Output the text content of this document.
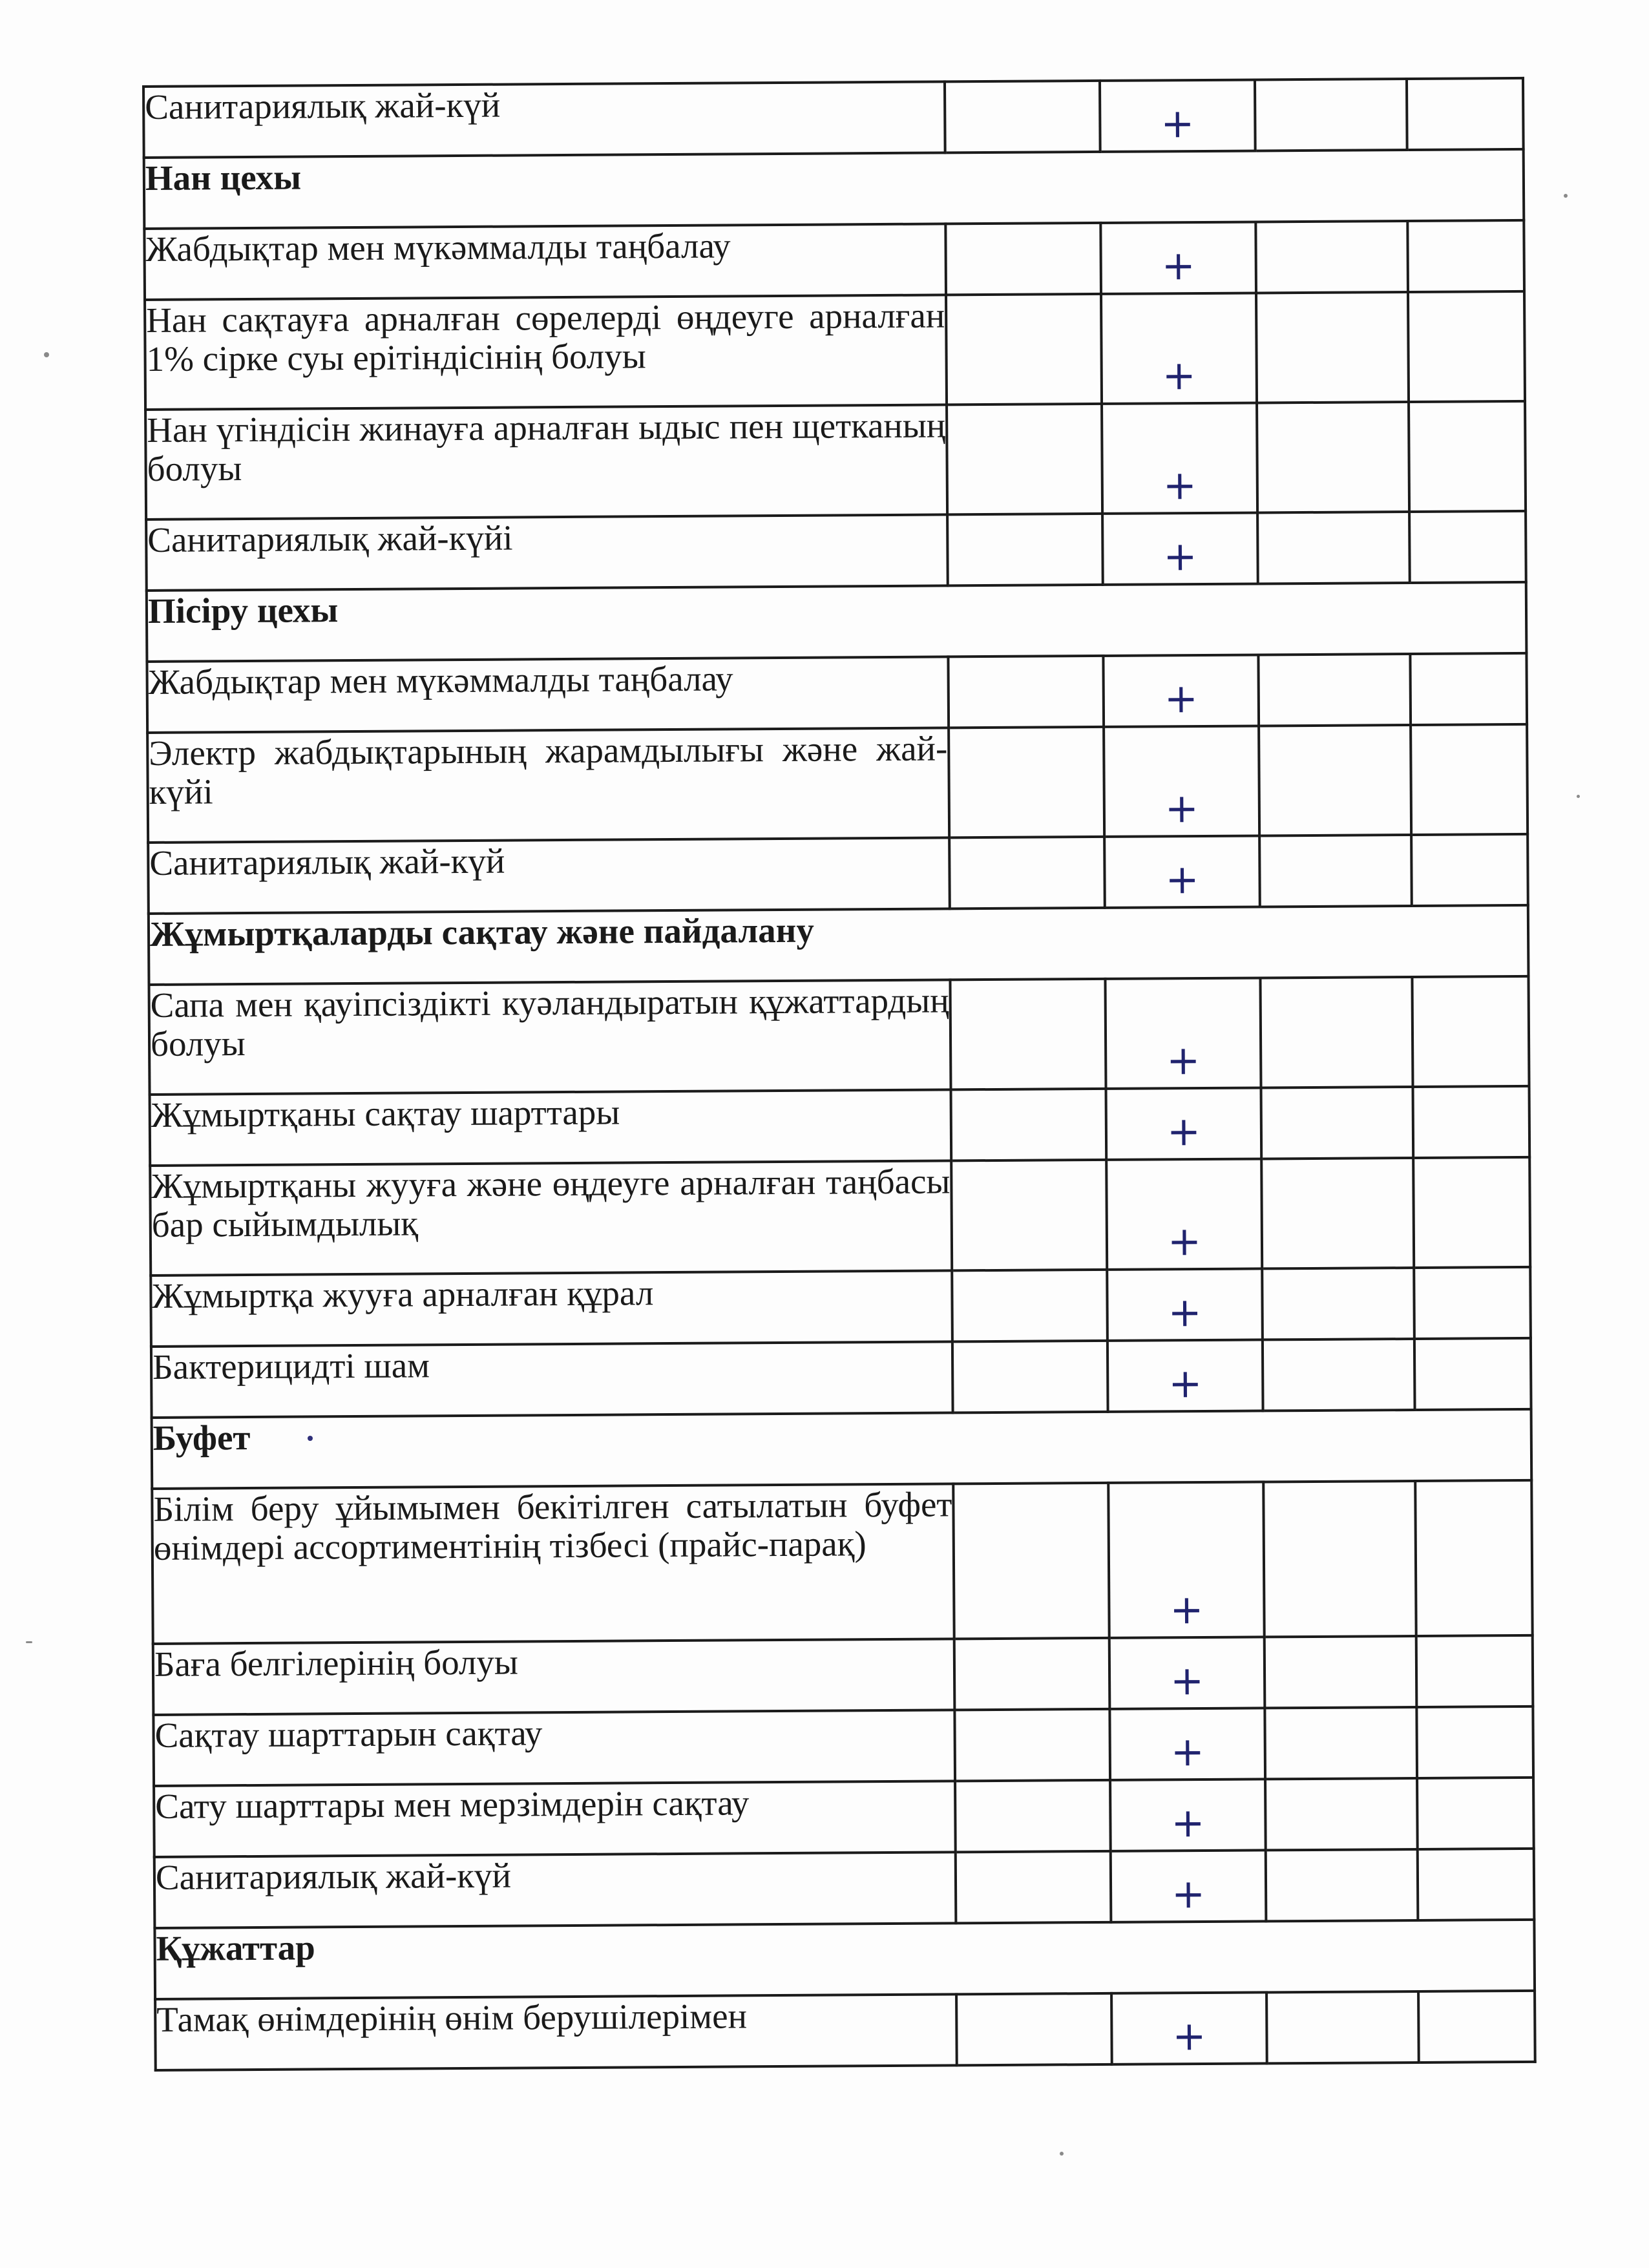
Санитариялық жай-күй		+		

Нан цехы				
Жабдықтар мен мүкәммалды таңбалау		+		

Нан сақтауға арналған сөрелерді өңдеуге арналған 1% сірке суы ерітіндісінің болуы		+		

Нан үгіндісін жинауға арналған ыдыс пен щетканың болуы		+		

Санитариялық жай-күйі		+		

Пісіру цехы				
Жабдықтар мен мүкәммалды таңбалау		+		

Электр жабдықтарының жарамдылығы және жай-күйі		+		

Санитариялық жай-күй		+		

Жұмыртқаларды сақтау және пайдалану				
Сапа мен қауіпсіздікті куәландыратын құжаттардың болуы		+		

Жұмыртқаны сақтау шарттары		+		

Жұмыртқаны жууға және өңдеуге арналған таңбасы бар сыйымдылық		+		

Жұмыртқа жууға арналған құрал		+		

Бактерицидті шам		+		

Буфет				
Білім беру ұйымымен бекітілген сатылатын буфет өнімдері ассортиментінің тізбесі (прайс-парақ)		+		

Баға белгілерінің болуы		+		

Сақтау шарттарын сақтау		+		

Сату шарттары мен мерзімдерін сақтау		+		

Санитариялық жай-күй		+		

Құжаттар				
Тамақ өнімдерінің өнім берушілерімен		+		
